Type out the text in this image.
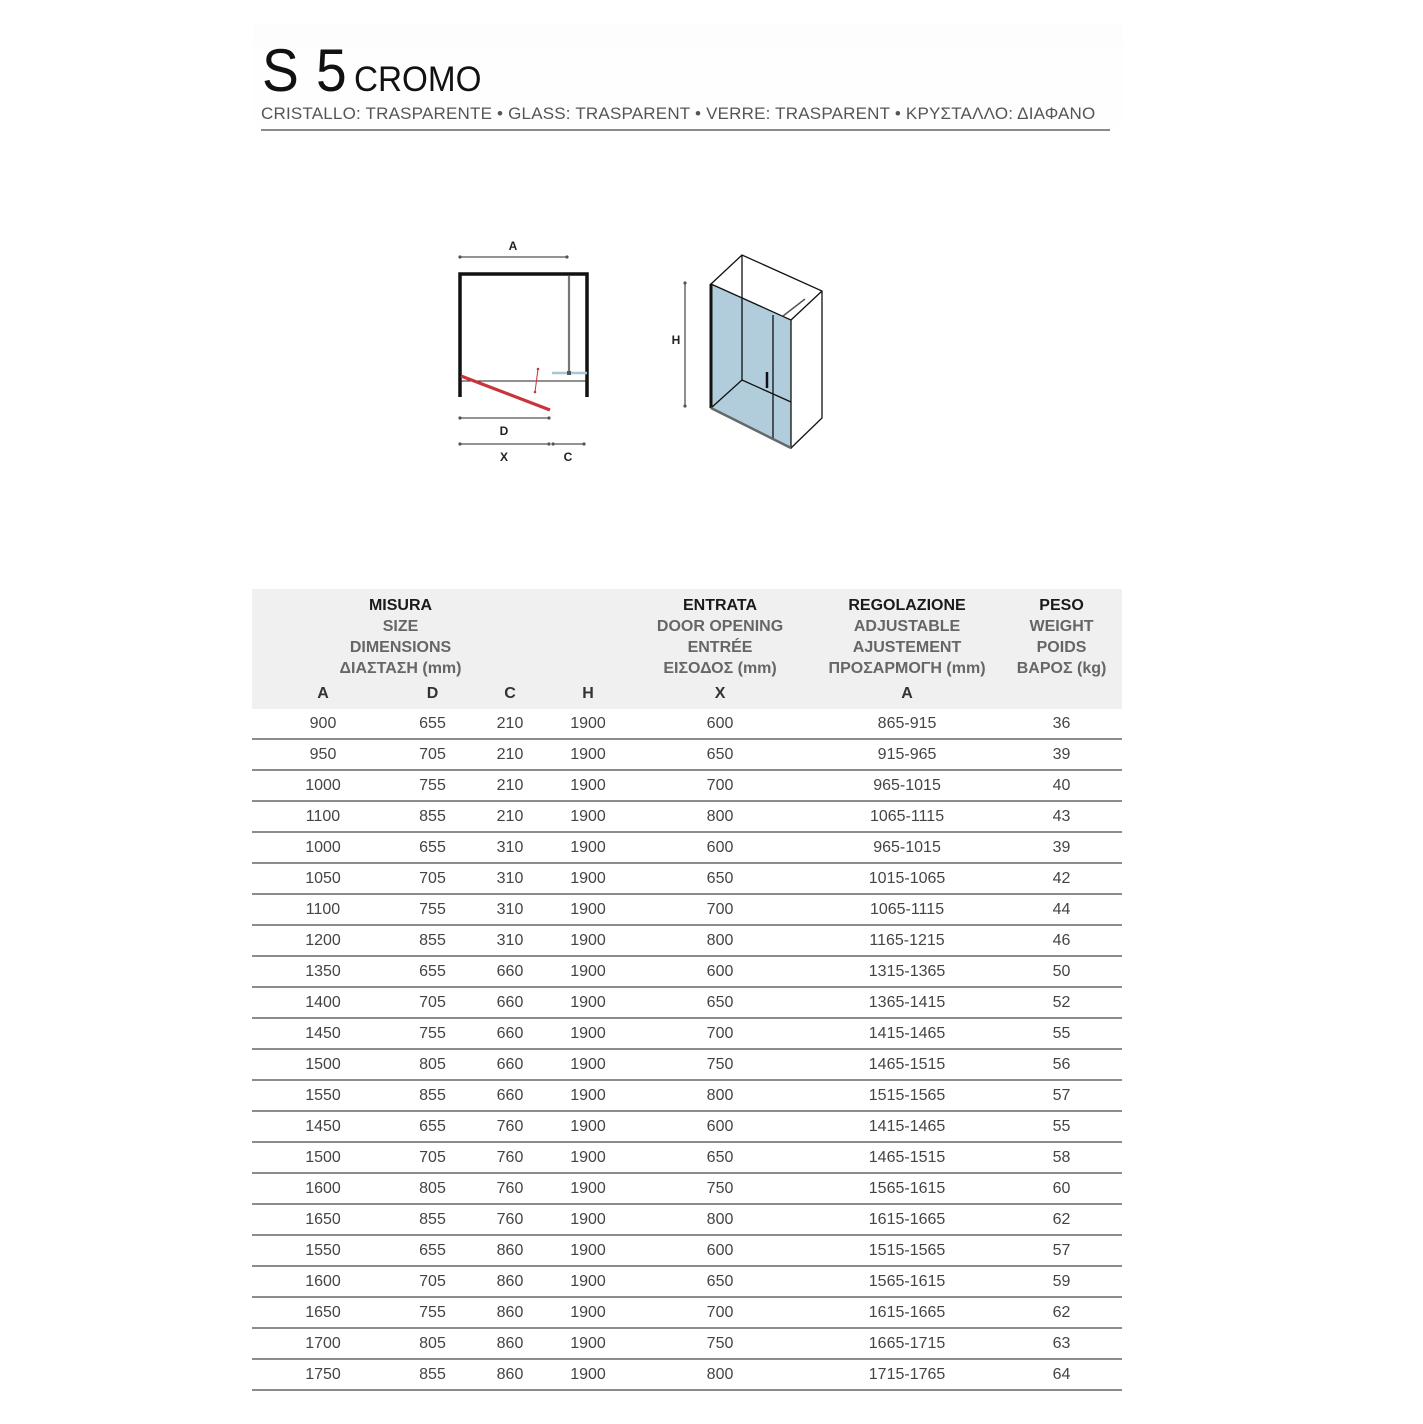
S 5 CROMO
CRISTALLO: TRASPARENTE • GLASS: TRASPARENT • VERRE: TRASPARENT • ΚΡΥΣΤΑΛΛΟ: ΔΙΑΦΑΝΟ
A
D
X	C
H
MISURA
SIZE
DIMENSIONS
ΔΙΑΣΤΑΣΗ (mm)				ENTRATA
DOOR OPENING
ENTRÉE
ΕΙΣΟΔΟΣ (mm)	REGOLAZIONE
ADJUSTABLE
AJUSTEMENT
ΠΡΟΣΑΡΜΟΓΗ (mm)	PESO
WEIGHT
POIDS
ΒΑΡΟΣ (kg)

A	D	C	H	X	A	
900	655	210	1900	600	865-915	36
950	705	210	1900	650	915-965	39
1000	755	210	1900	700	965-1015	40
1100	855	210	1900	800	1065-1115	43
1000	655	310	1900	600	965-1015	39
1050	705	310	1900	650	1015-1065	42
1100	755	310	1900	700	1065-1115	44
1200	855	310	1900	800	1165-1215	46
1350	655	660	1900	600	1315-1365	50
1400	705	660	1900	650	1365-1415	52
1450	755	660	1900	700	1415-1465	55
1500	805	660	1900	750	1465-1515	56
1550	855	660	1900	800	1515-1565	57
1450	655	760	1900	600	1415-1465	55
1500	705	760	1900	650	1465-1515	58
1600	805	760	1900	750	1565-1615	60
1650	855	760	1900	800	1615-1665	62
1550	655	860	1900	600	1515-1565	57
1600	705	860	1900	650	1565-1615	59
1650	755	860	1900	700	1615-1665	62
1700	805	860	1900	750	1665-1715	63
1750	855	860	1900	800	1715-1765	64
